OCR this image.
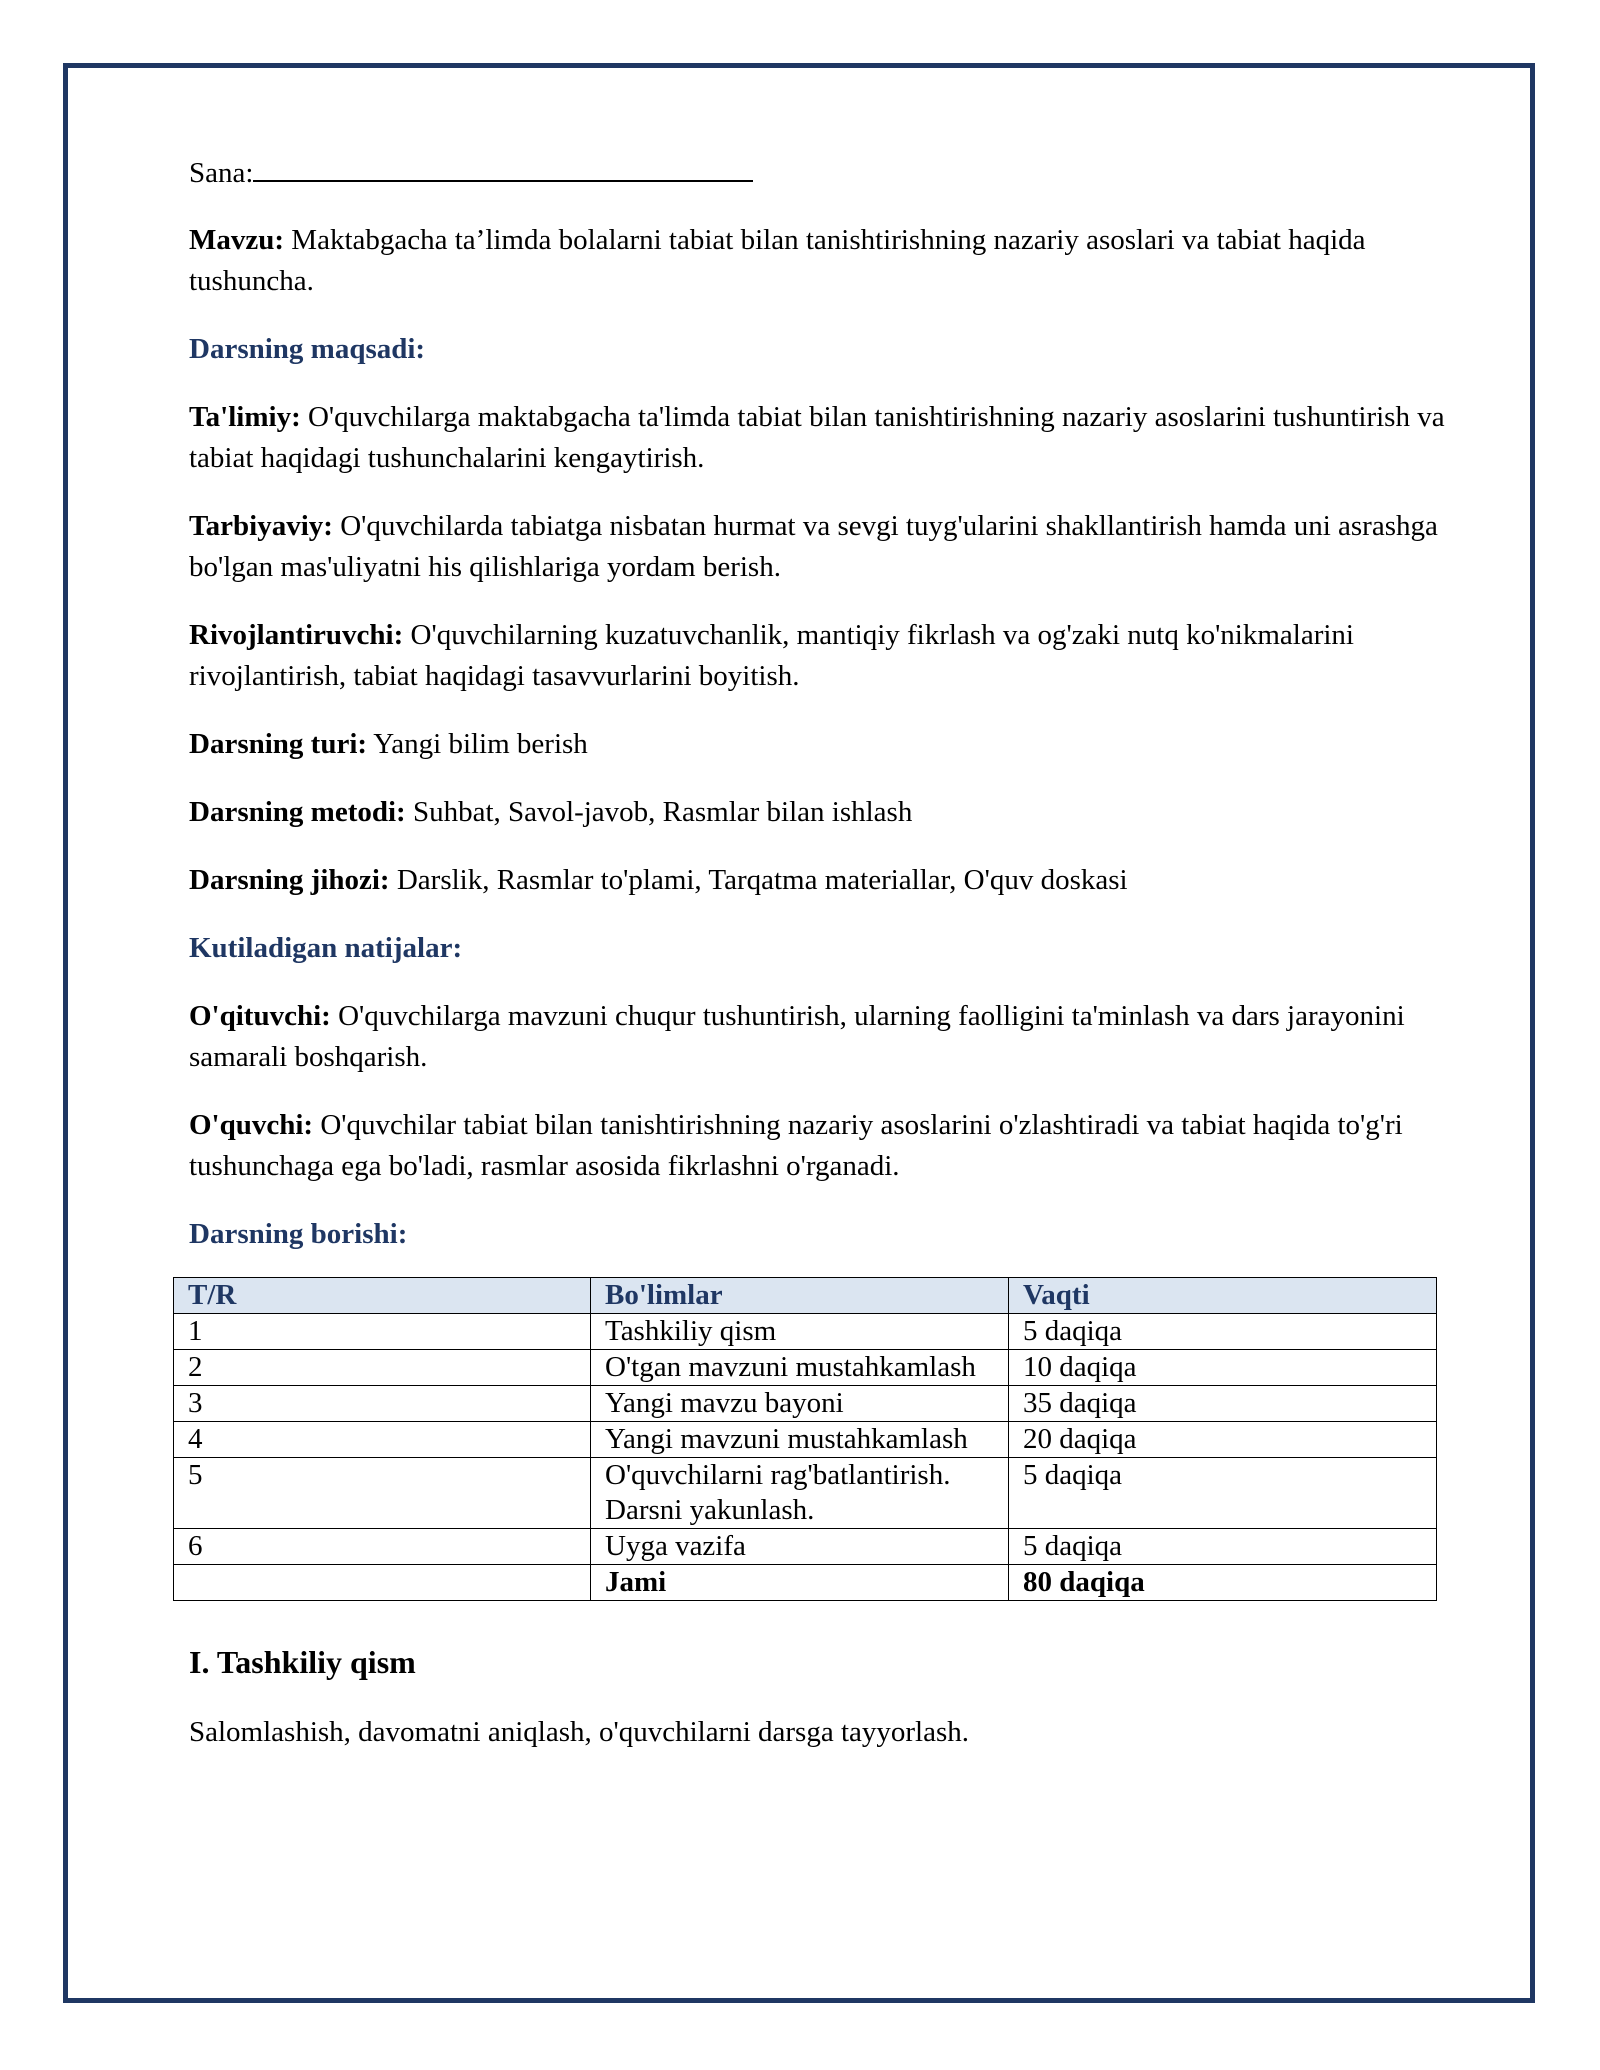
Sana:

Mavzu: Maktabgacha ta’limda bolalarni tabiat bilan tanishtirishning nazariy asoslari va tabiat haqida tushuncha.

Darsning maqsadi:

Ta'limiy: O'quvchilarga maktabgacha ta'limda tabiat bilan tanishtirishning nazariy asoslarini tushuntirish va tabiat haqidagi tushunchalarini kengaytirish.

Tarbiyaviy: O'quvchilarda tabiatga nisbatan hurmat va sevgi tuyg'ularini shakllantirish hamda uni asrashga bo'lgan mas'uliyatni his qilishlariga yordam berish.

Rivojlantiruvchi: O'quvchilarning kuzatuvchanlik, mantiqiy fikrlash va og'zaki nutq ko'nikmalarini rivojlantirish, tabiat haqidagi tasavvurlarini boyitish.

Darsning turi: Yangi bilim berish

Darsning metodi: Suhbat, Savol-javob, Rasmlar bilan ishlash

Darsning jihozi: Darslik, Rasmlar to'plami, Tarqatma materiallar, O'quv doskasi

Kutiladigan natijalar:

O'qituvchi: O'quvchilarga mavzuni chuqur tushuntirish, ularning faolligini ta'minlash va dars jarayonini samarali boshqarish.

O'quvchi: O'quvchilar tabiat bilan tanishtirishning nazariy asoslarini o'zlashtiradi va tabiat haqida to'g'ri tushunchaga ega bo'ladi, rasmlar asosida fikrlashni o'rganadi.

Darsning borishi:

T/R	Bo'limlar	Vaqti
1	Tashkiliy qism	5 daqiqa
2	O'tgan mavzuni mustahkamlash	10 daqiqa
3	Yangi mavzu bayoni	35 daqiqa
4	Yangi mavzuni mustahkamlash	20 daqiqa
5	O'quvchilarni rag'batlantirish. Darsni yakunlash.	5 daqiqa
6	Uyga vazifa	5 daqiqa
	Jami	80 daqiqa
I. Tashkiliy qism

Salomlashish, davomatni aniqlash, o'quvchilarni darsga tayyorlash.
